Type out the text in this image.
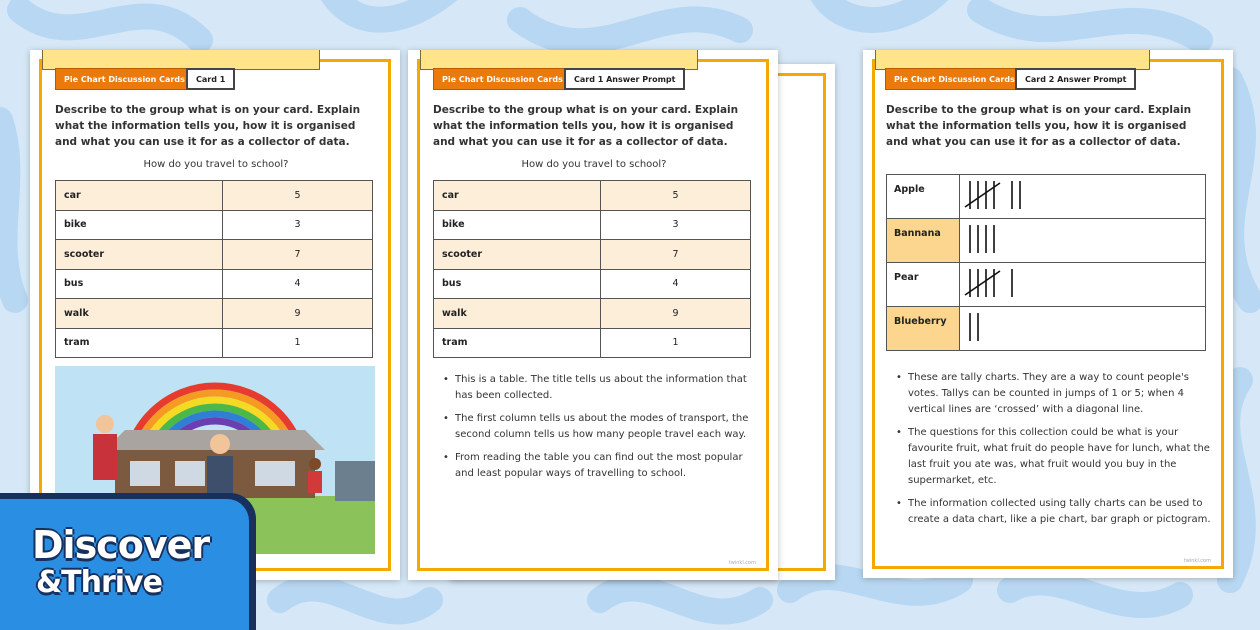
Pie Chart Discussion Cards	Card 1
Describe to the group what is on your card. Explain what the information tells you, how it is organised and what you can use it for as a collector of data.
How do you travel to school?
car	5
bike	3
scooter	7
bus	4
walk	9
tram	1
Pie Chart Discussion Cards	Card 1 Answer Prompt
Describe to the group what is on your card. Explain what the information tells you, how it is organised and what you can use it for as a collector of data.
How do you travel to school?
car	5
bike	3
scooter	7
bus	4
walk	9
tram	1
• This is a table. The title tells us about the information that has been collected.
• The first column tells us about the modes of transport, the second column tells us how many people travel each way.
• From reading the table you can find out the most popular and least popular ways of travelling to school.
twinkl.com
Pie Chart Discussion Cards	Card 2 Answer Prompt
Describe to the group what is on your card. Explain what the information tells you, how it is organised and what you can use it for as a collector of data.
Apple	
Bannana	
Pear	
Blueberry	
• These are tally charts. They are a way to count people's votes. Tallys can be counted in jumps of 1 or 5; when 4 vertical lines are ‘crossed’ with a diagonal line.
• The questions for this collection could be what is your favourite fruit, what fruit do people have for lunch, what the last fruit you ate was, what fruit would you buy in the supermarket, etc.
• The information collected using tally charts can be used to create a data chart, like a pie chart, bar graph or pictogram.
twinkl.com
Discover
&Thrive
